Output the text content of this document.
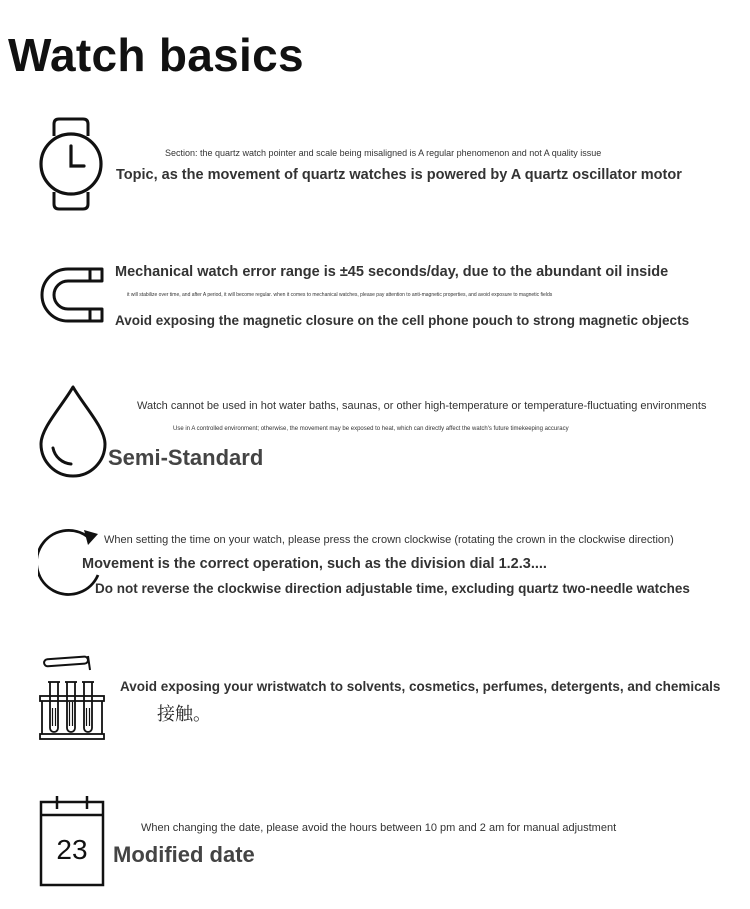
Watch basics
Section: the quartz watch pointer and scale being misaligned is A regular phenomenon and not A quality issue
Topic, as the movement of quartz watches is powered by A quartz oscillator motor
Mechanical watch error range is ±45 seconds/day, due to the abundant oil inside
it will stabilize over time, and after A period, it will become regular. when it comes to mechanical watches, please pay attention to anti-magnetic properties, and avoid exposure to magnetic fields
Avoid exposing the magnetic closure on the cell phone pouch to strong magnetic objects
Watch cannot be used in hot water baths, saunas, or other high-temperature or temperature-fluctuating environments
Use in A controlled environment; otherwise, the movement may be exposed to heat, which can directly affect the watch's future timekeeping accuracy
Semi-Standard
When setting the time on your watch, please press the crown clockwise (rotating the crown in the clockwise direction)
Movement is the correct operation, such as the division dial 1.2.3....
Do not reverse the clockwise direction adjustable time, excluding quartz two-needle watches
Avoid exposing your wristwatch to solvents, cosmetics, perfumes, detergents, and chemicals
接触。
23
When changing the date, please avoid the hours between 10 pm and 2 am for manual adjustment
Modified date
